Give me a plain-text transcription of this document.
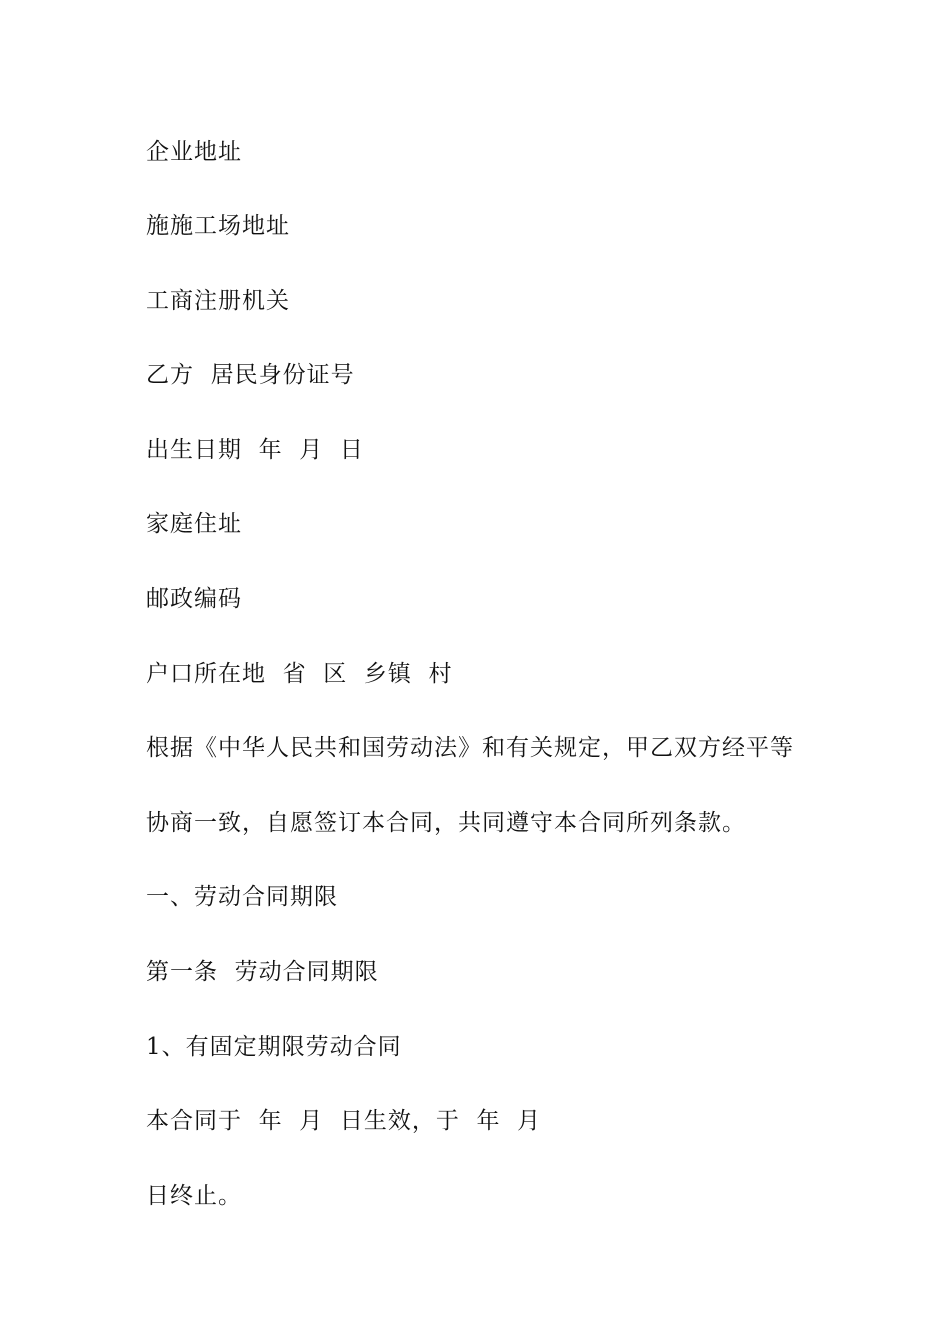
企业地址
施施工场地址
工商注册机关
乙方  居民身份证号
出生日期  年  月  日
家庭住址
邮政编码
户口所在地  省  区  乡镇  村
根据《中华人民共和国劳动法》和有关规定，甲乙双方经平等
协商一致，自愿签订本合同，共同遵守本合同所列条款。
一、劳动合同期限
第一条  劳动合同期限
1、有固定期限劳动合同
本合同于  年  月  日生效，于  年  月
日终止。
